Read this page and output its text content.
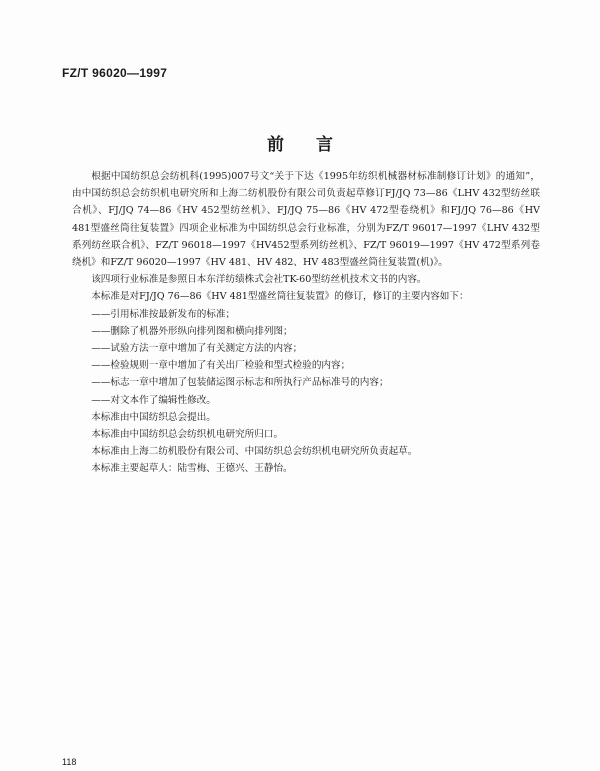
FZ/T 96020—1997
前言

根据中国纺织总会纺机科(1995)007号文“关于下达《1995年纺织机械器材标准制修订计划》的通知”，由中国纺织总会纺织机电研究所和上海二纺机股份有限公司负责起草修订FJ/JQ 73—86《LHV 432型纺丝联合机》、FJ/JQ 74—86《HV 452型纺丝机》、FJ/JQ 75—86《HV 472型卷绕机》和FJ/JQ 76—86《HV 481型盛丝筒往复装置》四项企业标准为中国纺织总会行业标准，分别为FZ/T 96017—1997《LHV 432型系列纺丝联合机》、FZ/T 96018—1997《HV452型系列纺丝机》、FZ/T 96019—1997《HV 472型系列卷绕机》和FZ/T 96020—1997《HV 481、HV 482、HV 483型盛丝筒往复装置(机)》。

该四项行业标准是参照日本东洋纺绩株式会社TK-60型纺丝机技术文书的内容。

本标准是对FJ/JQ 76—86《HV 481型盛丝筒往复装置》的修订，修订的主要内容如下：

——引用标准按最新发布的标准；

——删除了机器外形纵向排列图和横向排列图；

——试验方法一章中增加了有关测定方法的内容；

——检验规则一章中增加了有关出厂检验和型式检验的内容；

——标志一章中增加了包装储运图示标志和所执行产品标准号的内容；

——对文本作了编辑性修改。

本标准由中国纺织总会提出。

本标准由中国纺织总会纺织机电研究所归口。

本标准由上海二纺机股份有限公司、中国纺织总会纺织机电研究所负责起草。

本标准主要起草人：陆雪梅、王德兴、王静怡。

118
